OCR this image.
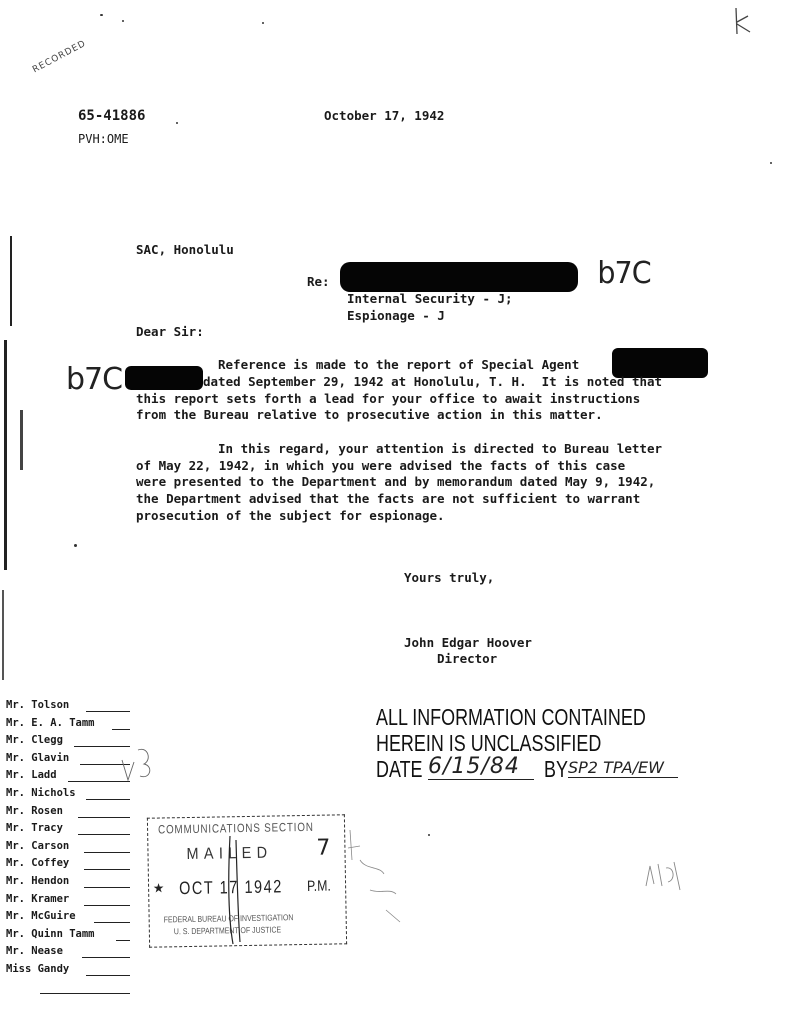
RECORDED
65-41886
PVH:OME
October 17, 1942
SAC, Honolulu
Re:	b7C
Internal Security - J;
Espionage - J
Dear Sir:
Reference is made to the report of Special Agent
b7C	dated September 29, 1942 at Honolulu, T. H.  It is noted that
this report sets forth a lead for your office to await instructions
from the Bureau relative to prosecutive action in this matter.
In this regard, your attention is directed to Bureau letter
of May 22, 1942, in which you were advised the facts of this case
were presented to the Department and by memorandum dated May 9, 1942,
the Department advised that the facts are not sufficient to warrant
prosecution of the subject for espionage.
Yours truly,
John Edgar Hoover
Director
ALL INFORMATION CONTAINED
HEREIN IS UNCLASSIFIED
DATE 6/15/84	BY SP2 TPA/EW
Mr. Tolson
Mr. E. A. Tamm
Mr. Clegg
Mr. Glavin
Mr. Ladd
Mr. Nichols
Mr. Rosen
Mr. Tracy
Mr. Carson
Mr. Coffey
Mr. Hendon
Mr. Kramer
Mr. McGuire
Mr. Quinn Tamm
Mr. Nease
Miss Gandy
COMMUNICATIONS SECTION
MAILED 7
★ OCT 17 1942 P.M.
FEDERAL BUREAU OF INVESTIGATION
U. S. DEPARTMENT OF JUSTICE
